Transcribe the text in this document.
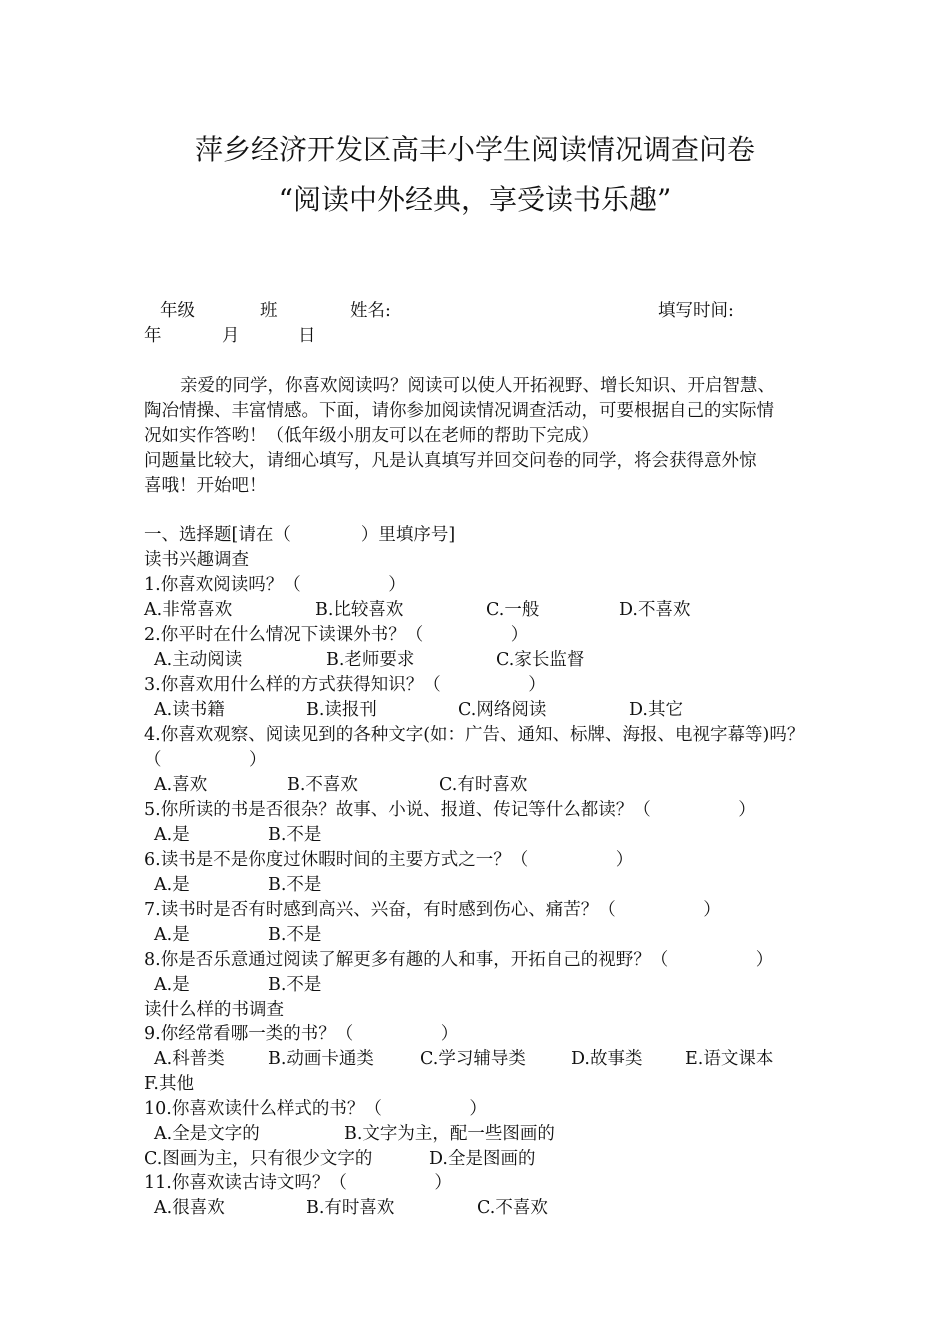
萍乡经济开发区高丰小学生阅读情况调查问卷
“阅读中外经典，享受读书乐趣”
年级	班	姓名:	填写时间:
年	月	日
亲爱的同学，你喜欢阅读吗？阅读可以使人开拓视野、增长知识、开启智慧、
陶冶情操、丰富情感。下面，请你参加阅读情况调查活动，可要根据自己的实际情
况如实作答哟！（低年级小朋友可以在老师的帮助下完成）
问题量比较大，请细心填写，凡是认真填写并回交问卷的同学，将会获得意外惊
喜哦！开始吧！
一、选择题[请在（　　　　）里填序号]
读书兴趣调查
1.你喜欢阅读吗？（　　　　　）
A.非常喜欢	B.比较喜欢	C.一般	D.不喜欢
2.你平时在什么情况下读课外书？（　　　　　）
A.主动阅读	B.老师要求	C.家长监督
3.你喜欢用什么样的方式获得知识？（　　　　　）
A.读书籍	B.读报刊	C.网络阅读	D.其它
4.你喜欢观察、阅读见到的各种文字(如：广告、通知、标牌、海报、电视字幕等)吗？
（　　　　　）
A.喜欢	B.不喜欢	C.有时喜欢
5.你所读的书是否很杂？故事、小说、报道、传记等什么都读？（　　　　　）
A.是	B.不是
6.读书是不是你度过休暇时间的主要方式之一？（　　　　　）
A.是	B.不是
7.读书时是否有时感到高兴、兴奋，有时感到伤心、痛苦？（　　　　　）
A.是	B.不是
8.你是否乐意通过阅读了解更多有趣的人和事，开拓自己的视野？（　　　　　）
A.是	B.不是
读什么样的书调查
9.你经常看哪一类的书？（　　　　　）
A.科普类 B.动画卡通类	C.学习辅导类	D.故事类 E.语文课本
F.其他
10.你喜欢读什么样式的书？（　　　　　）
A.全是文字的	B.文字为主，配一些图画的
C.图画为主，只有很少文字的	D.全是图画的
11.你喜欢读古诗文吗？（　　　　　）
A.很喜欢	B.有时喜欢	C.不喜欢
